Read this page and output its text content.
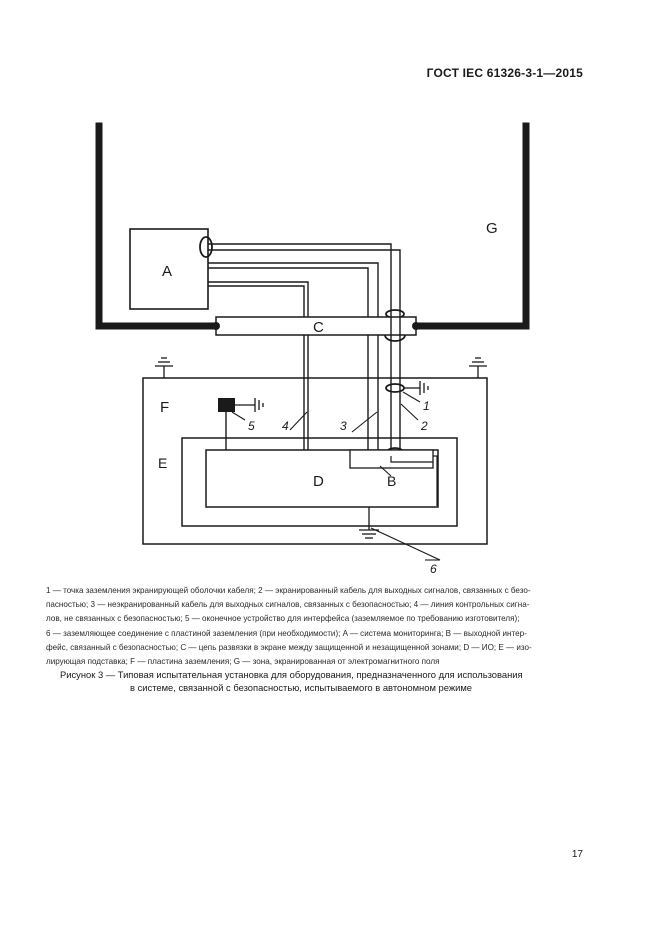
ГОСТ IEC 61326-3-1—2015
A
B
C
D
E
F
G
1
2
3
4
5
6

1 — точка заземления экранирующей оболочки кабеля; 2 — экранированный кабель для выходных сигналов, связанных с безо-

пасностью; 3 — неэкранированный кабель для выходных сигналов, связанных с безопасностью; 4 — линия контрольных сигна-

лов, не связанных с безопасностью; 5 — оконечное устройство для интерфейса (заземляемое по требованию изготовителя);

6 — заземляющее соединение с пластиной заземления (при необходимости); A — система мониторинга; B — выходной интер-

фейс, связанный с безопасностью; C — цепь развязки в экране между защищенной и незащищенной зонами; D — ИО; E — изо-

лирующая подставка; F — пластина заземления; G — зона, экранированная от электромагнитного поля

Рисунок 3 — Типовая испытательная установка для оборудования, предназначенного для использования
в системе, связанной с безопасностью, испытываемого в автономном режиме
17
